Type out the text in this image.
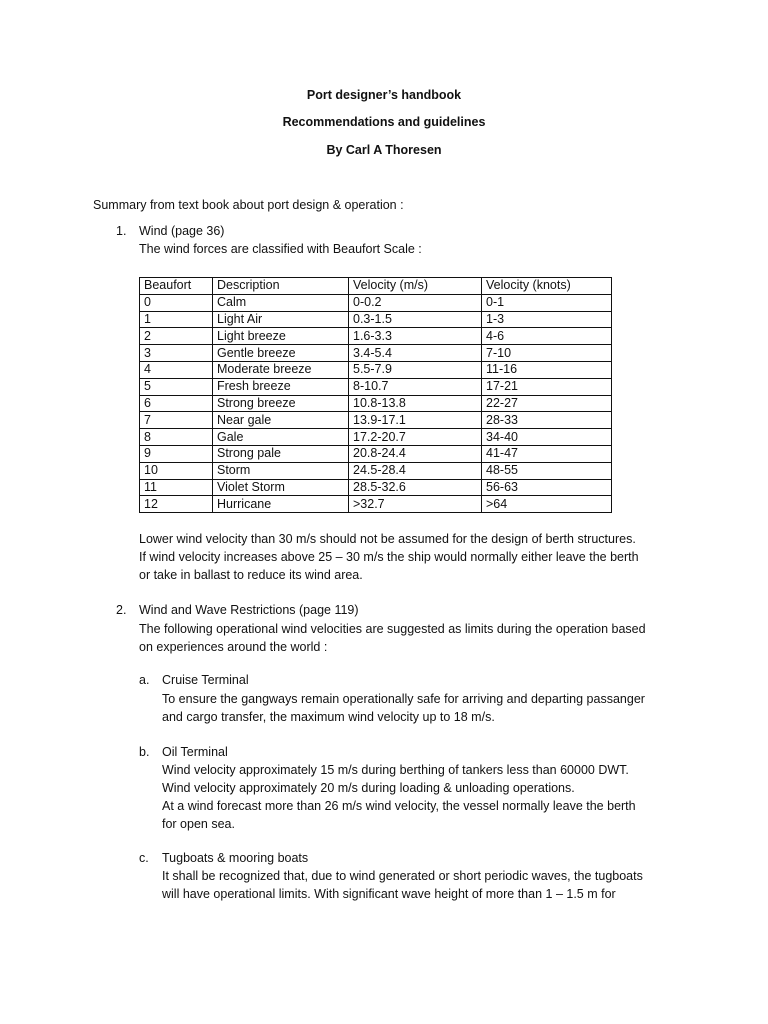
Port designer’s handbook
Recommendations and guidelines
By Carl A Thoresen
Summary from text book about port design & operation :
1. Wind (page 36)
The wind forces are classified with Beaufort Scale :
Beaufort	Description	Velocity (m/s)	Velocity (knots)
0	Calm	0-0.2	0-1
1	Light Air	0.3-1.5	1-3
2	Light breeze	1.6-3.3	4-6
3	Gentle breeze	3.4-5.4	7-10
4	Moderate breeze	5.5-7.9	11-16
5	Fresh breeze	8-10.7	17-21
6	Strong breeze	10.8-13.8	22-27
7	Near gale	13.9-17.1	28-33
8	Gale	17.2-20.7	34-40
9	Strong pale	20.8-24.4	41-47
10	Storm	24.5-28.4	48-55
11	Violet Storm	28.5-32.6	56-63
12	Hurricane	>32.7	>64
Lower wind velocity than 30 m/s should not be assumed for the design of berth structures.
If wind velocity increases above 25 – 30 m/s the ship would normally either leave the berth
or take in ballast to reduce its wind area.
2. Wind and Wave Restrictions (page 119)
The following operational wind velocities are suggested as limits during the operation based
on experiences around the world :
a. Cruise Terminal
To ensure the gangways remain operationally safe for arriving and departing passanger
and cargo transfer, the maximum wind velocity up to 18 m/s.
b. Oil Terminal
Wind velocity approximately 15 m/s during berthing of tankers less than 60000 DWT.
Wind velocity approximately 20 m/s during loading & unloading operations.
At a wind forecast more than 26 m/s wind velocity, the vessel normally leave the berth
for open sea.
c. Tugboats & mooring boats
It shall be recognized that, due to wind generated or short periodic waves, the tugboats
will have operational limits. With significant wave height of more than 1 – 1.5 m for
